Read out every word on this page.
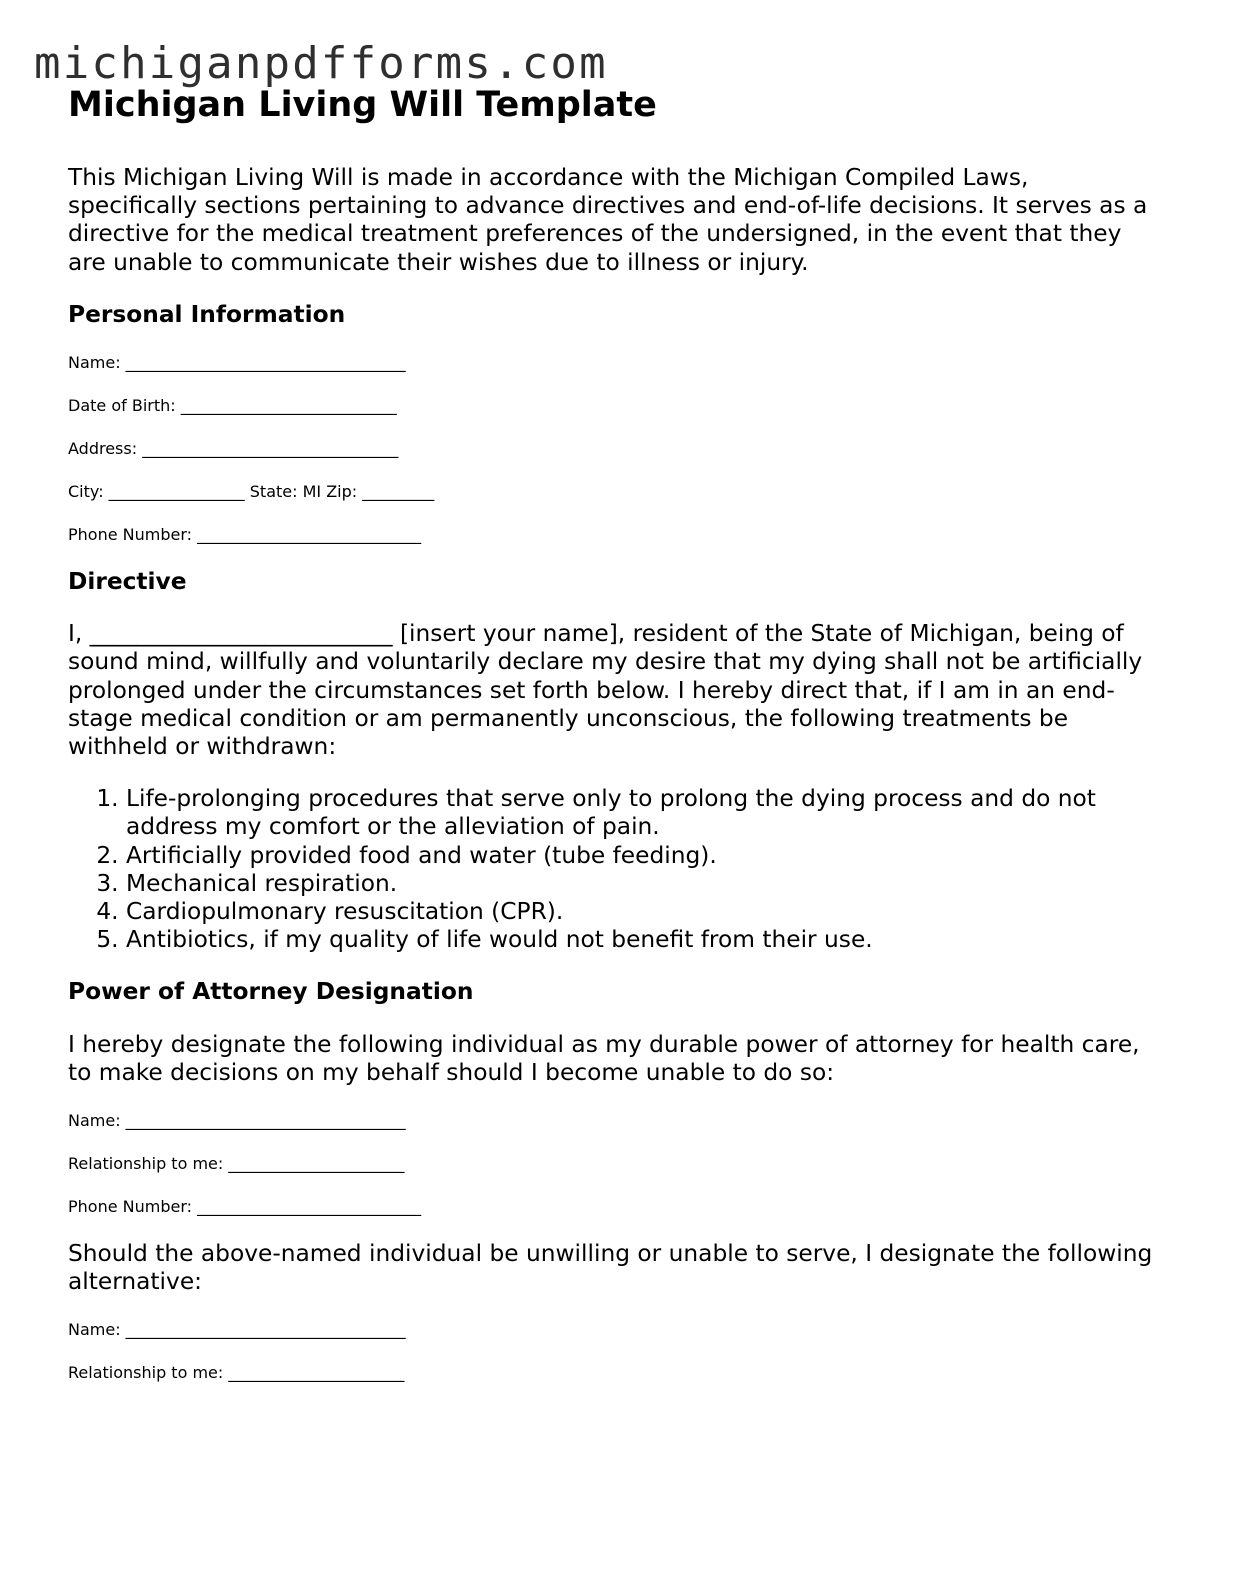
michiganpdfforms.com
Michigan Living Will Template

This Michigan Living Will is made in accordance with the Michigan Compiled Laws, specifically sections pertaining to advance directives and end-of-life decisions. It serves as a directive for the medical treatment preferences of the undersigned, in the event that they are unable to communicate their wishes due to illness or injury.

Personal Information
Name: ___________________________________
Date of Birth: ___________________________
Address: ________________________________
City: _________________ State: MI Zip: _________
Phone Number: ____________________________
Directive

I, __________________________ [insert your name], resident of the State of Michigan, being of sound mind, willfully and voluntarily declare my desire that my dying shall not be artificially prolonged under the circumstances set forth below. I hereby direct that, if I am in an end-stage medical condition or am permanently unconscious, the following treatments be withheld or withdrawn:

1. Life-prolonging procedures that serve only to prolong the dying process and do not address my comfort or the alleviation of pain.
2. Artificially provided food and water (tube feeding).
3. Mechanical respiration.
4. Cardiopulmonary resuscitation (CPR).
5. Antibiotics, if my quality of life would not benefit from their use.
Power of Attorney Designation

I hereby designate the following individual as my durable power of attorney for health care, to make decisions on my behalf should I become unable to do so:

Name: ___________________________________
Relationship to me: ______________________
Phone Number: ____________________________

Should the above-named individual be unwilling or unable to serve, I designate the following alternative:

Name: ___________________________________
Relationship to me: ______________________
